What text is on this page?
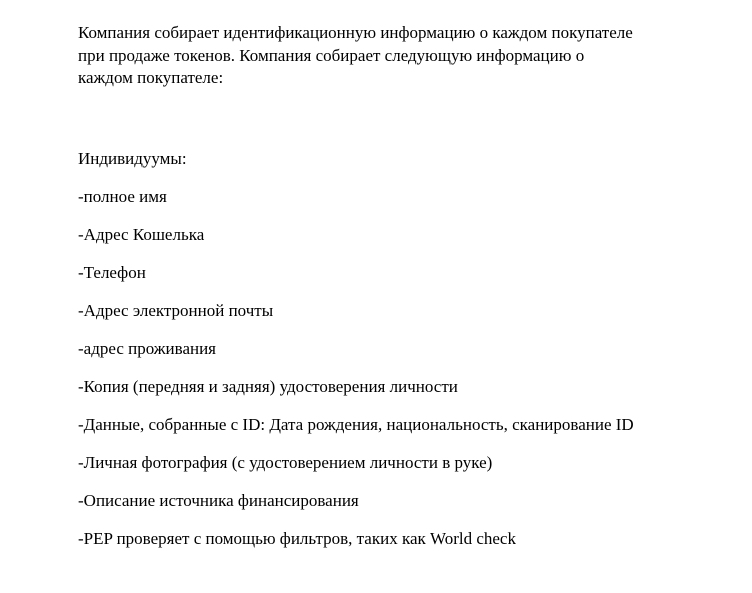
Компания собирает идентификационную информацию о каждом покупателе
при продаже токенов. Компания собирает следующую информацию о
каждом покупателе:

Индивидуумы:
-полное имя
-Адрес Кошелька
-Телефон
-Адрес электронной почты
-адрес проживания
-Копия (передняя и задняя) удостоверения личности
-Данные, собранные с ID: Дата рождения, национальность, сканирование ID
-Личная фотография (с удостоверением личности в руке)
-Описание источника финансирования
-PEP проверяет с помощью фильтров, таких как World check
